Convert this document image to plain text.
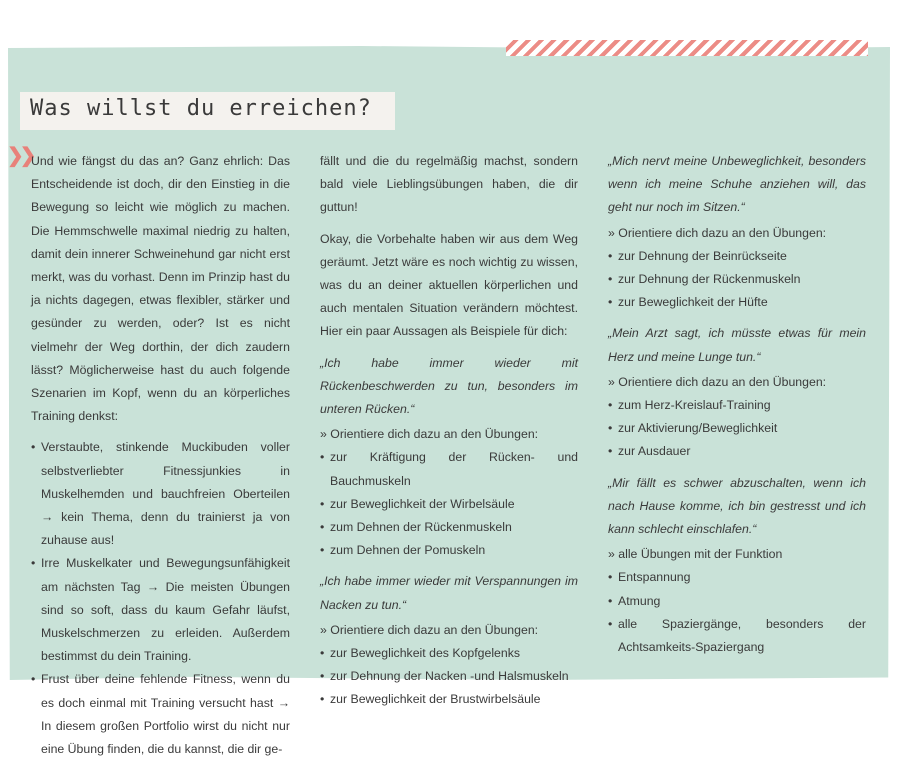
Was willst du erreichen?
❯❯

Und wie fängst du das an? Ganz ehrlich: Das Entscheidende ist doch, dir den Einstieg in die Bewegung so leicht wie möglich zu machen. Die Hemmschwelle maximal niedrig zu halten, damit dein innerer Schweinehund gar nicht erst merkt, was du vorhast. Denn im Prinzip hast du ja nichts dagegen, etwas flexibler, stärker und gesünder zu werden, oder? Ist es nicht vielmehr der Weg dorthin, der dich zaudern lässt? Möglicherweise hast du auch folgende Szenarien im Kopf, wenn du an körperliches Training denkst:

• Verstaubte, stinkende Muckibuden voller selbstverliebter Fitnessjunkies in Muskelhemden und bauchfreien Oberteilen → kein Thema, denn du trainierst ja von zuhause aus!
• Irre Muskelkater und Bewegungsunfähigkeit am nächsten Tag → Die meisten Übungen sind so soft, dass du kaum Gefahr läufst, Muskelschmerzen zu erleiden. Außerdem bestimmst du dein Training.
• Frust über deine fehlende Fitness, wenn du es doch einmal mit Training versucht hast → In diesem großen Portfolio wirst du nicht nur eine Übung finden, die du kannst, die dir ge-

fällt und die du regelmäßig machst, sondern bald viele Lieblingsübungen haben, die dir guttun!

Okay, die Vorbehalte haben wir aus dem Weg geräumt. Jetzt wäre es noch wichtig zu wissen, was du an deiner aktuellen körperlichen und auch mentalen Situation verändern möchtest. Hier ein paar Aussagen als Beispiele für dich:

„Ich habe immer wieder mit Rückenbeschwerden zu tun, besonders im unteren Rücken.“

» Orientiere dich dazu an den Übungen:

• zur Kräftigung der Rücken- und Bauchmuskeln
• zur Beweglichkeit der Wirbelsäule
• zum Dehnen der Rückenmuskeln
• zum Dehnen der Pomuskeln

„Ich habe immer wieder mit Verspannungen im Nacken zu tun.“

» Orientiere dich dazu an den Übungen:

• zur Beweglichkeit des Kopfgelenks
• zur Dehnung der Nacken -und Halsmuskeln
• zur Beweglichkeit der Brustwirbelsäule

„Mich nervt meine Unbeweglichkeit, besonders wenn ich meine Schuhe anziehen will, das geht nur noch im Sitzen.“

» Orientiere dich dazu an den Übungen:

• zur Dehnung der Beinrückseite
• zur Dehnung der Rückenmuskeln
• zur Beweglichkeit der Hüfte

„Mein Arzt sagt, ich müsste etwas für mein Herz und meine Lunge tun.“

» Orientiere dich dazu an den Übungen:

• zum Herz-Kreislauf-Training
• zur Aktivierung/Beweglichkeit
• zur Ausdauer

„Mir fällt es schwer abzuschalten, wenn ich nach Hause komme, ich bin gestresst und ich kann schlecht einschlafen.“

» alle Übungen mit der Funktion

• Entspannung
• Atmung
• alle Spaziergänge, besonders der Achtsamkeits-Spaziergang
